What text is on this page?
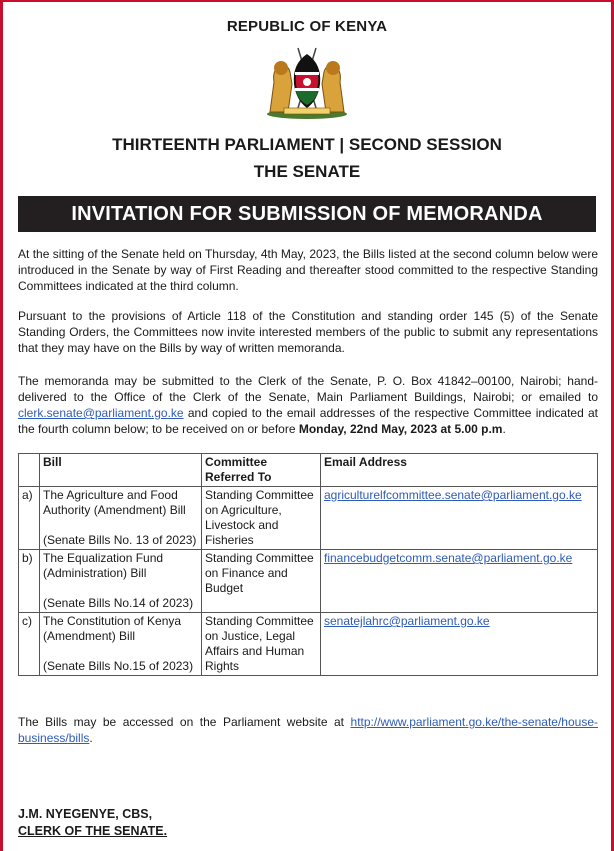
REPUBLIC OF KENYA
THIRTEENTH PARLIAMENT | SECOND SESSION
THE SENATE
INVITATION FOR SUBMISSION OF MEMORANDA
At the sitting of the Senate held on Thursday, 4th May, 2023, the Bills listed at the second column below were introduced in the Senate by way of First Reading and thereafter stood committed to the respective Standing Committees indicated at the third column.
Pursuant to the provisions of Article 118 of the Constitution and standing order 145 (5) of the Senate Standing Orders, the Committees now invite interested members of the public to submit any representations that they may have on the Bills by way of written memoranda.
The memoranda may be submitted to the Clerk of the Senate, P. O. Box 41842–00100, Nairobi; hand-delivered to the Office of the Clerk of the Senate, Main Parliament Buildings, Nairobi; or emailed to clerk.senate@parliament.go.ke and copied to the email addresses of the respective Committee indicated at the fourth column below; to be received on or before Monday, 22nd May, 2023 at 5.00 p.m.
	Bill	Committee Referred To	Email Address
a)	The Agriculture and Food Authority (Amendment) Bill
(Senate Bills No. 13 of 2023)	Standing Committee on Agriculture, Livestock and Fisheries	agriculturelfcommittee.senate@parliament.go.ke
b)	The Equalization Fund (Administration) Bill
(Senate Bills No.14 of 2023)	Standing Committee on Finance and Budget	financebudgetcomm.senate@parliament.go.ke
c)	The Constitution of Kenya (Amendment) Bill
(Senate Bills No.15 of 2023)	Standing Committee on Justice, Legal Affairs and Human Rights	senatejlahrc@parliament.go.ke
The Bills may be accessed on the Parliament website at http://www.parliament.go.ke/the-senate/house-business/bills.
J.M. NYEGENYE, CBS,
CLERK OF THE SENATE.
